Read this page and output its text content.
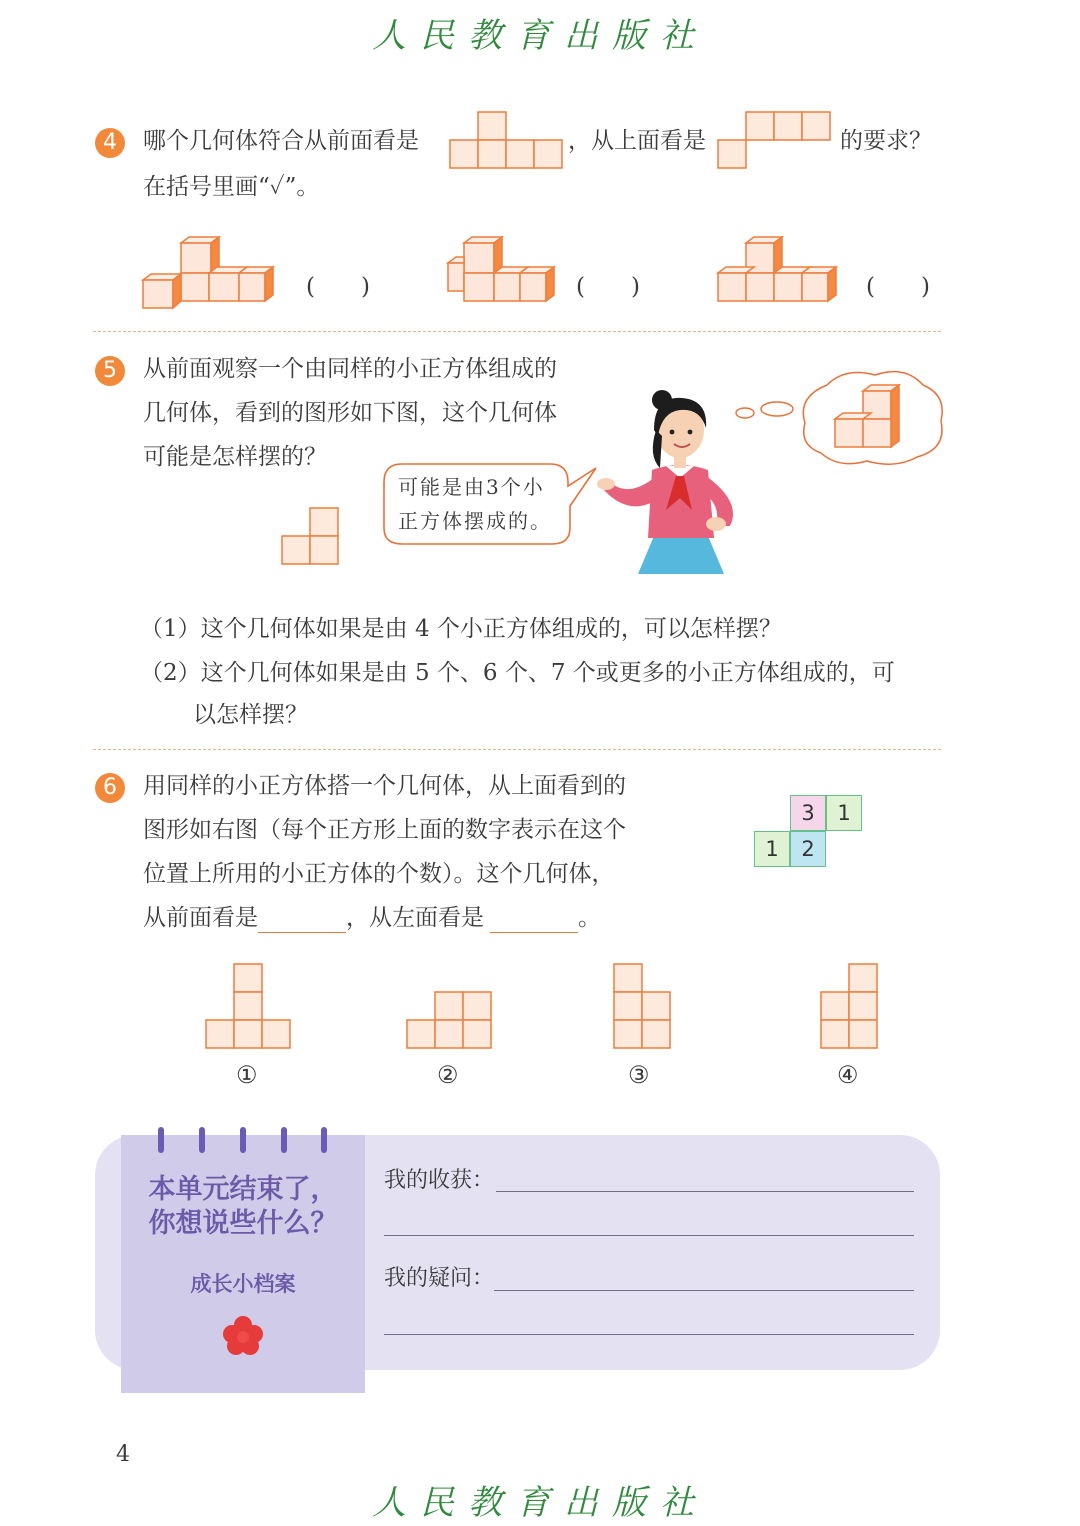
人民教育出版社
4	哪个几何体符合从前面看是	，从上面看是	的要求？
在括号里画“✓”。
(　　)	(　　)	(　　)
5	从前面观察一个由同样的小正方体组成的
几何体，看到的图形如下图，这个几何体
可能是怎样摆的？
可能是由3个小
正方体摆成的。
（1）这个几何体如果是由 4 个小正方体组成的，可以怎样摆？
（2）这个几何体如果是由 5 个、6 个、7 个或更多的小正方体组成的，可
以怎样摆？
6	用同样的小正方体搭一个几何体，从上面看到的
图形如右图（每个正方形上面的数字表示在这个
位置上所用的小正方体的个数）。这个几何体，
从前面看是	，从左面看是	。
3	1
1	2
①	②	③	④
本单元结束了，
你想说些什么？
成长小档案
我的收获：
我的疑问：
4
人民教育出版社
